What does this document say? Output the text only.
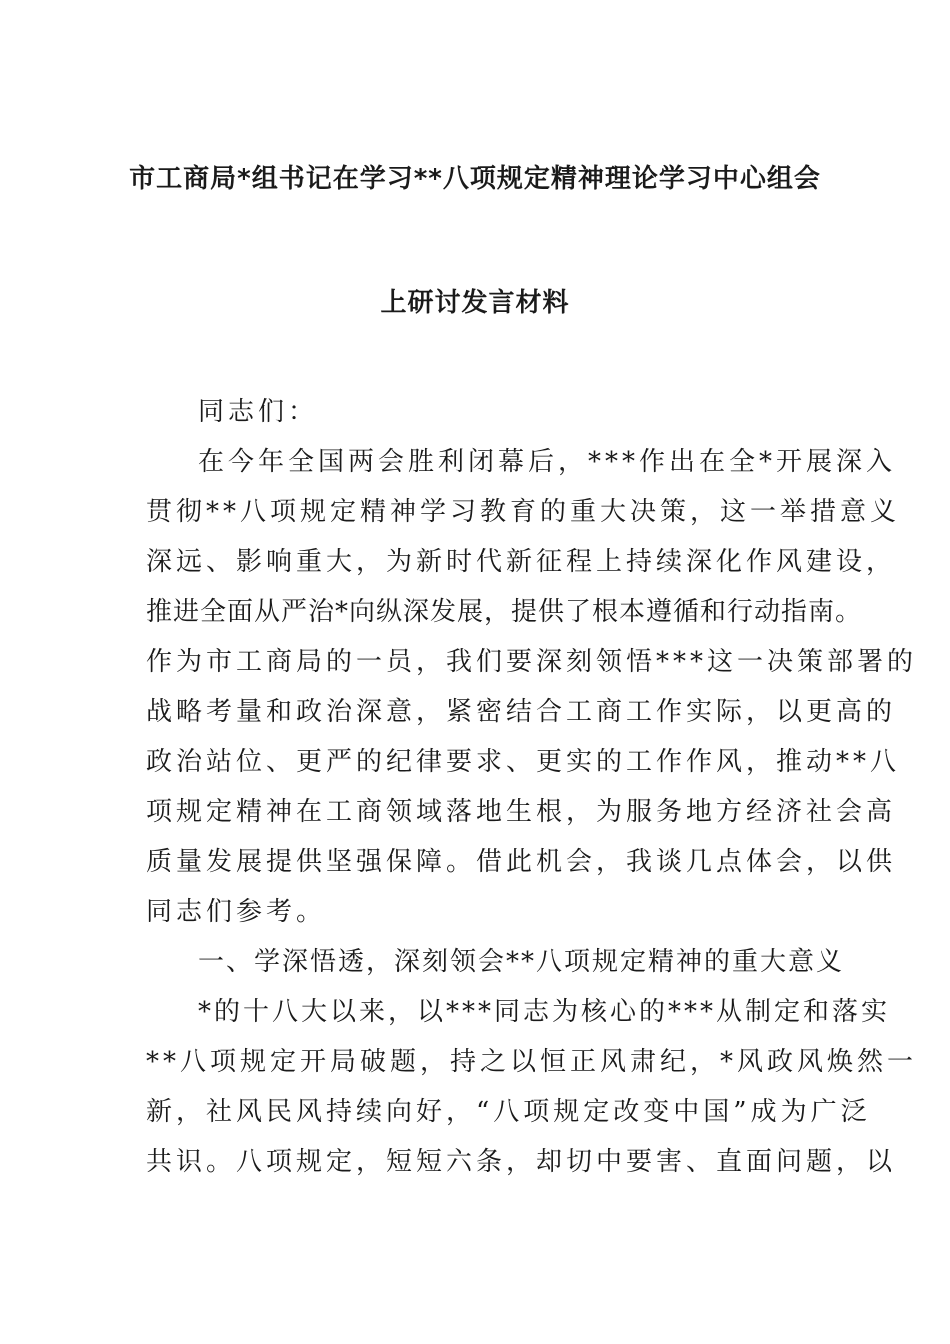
市工商局*组书记在学习**八项规定精神理论学习中心组会
上研讨发言材料
同志们：
在今年全国两会胜利闭幕后，***作出在全*开展深入
贯彻**八项规定精神学习教育的重大决策，这一举措意义
深远、影响重大，为新时代新征程上持续深化作风建设，
推进全面从严治*向纵深发展，提供了根本遵循和行动指南。
作为市工商局的一员，我们要深刻领悟***这一决策部署的
战略考量和政治深意，紧密结合工商工作实际，以更高的
政治站位、更严的纪律要求、更实的工作作风，推动**八
项规定精神在工商领域落地生根，为服务地方经济社会高
质量发展提供坚强保障。借此机会，我谈几点体会，以供
同志们参考。
一、学深悟透，深刻领会**八项规定精神的重大意义
*的十八大以来，以***同志为核心的***从制定和落实
**八项规定开局破题，持之以恒正风肃纪，*风政风焕然一
新，社风民风持续向好，“八项规定改变中国”成为广泛
共识。八项规定，短短六条，却切中要害、直面问题，以
